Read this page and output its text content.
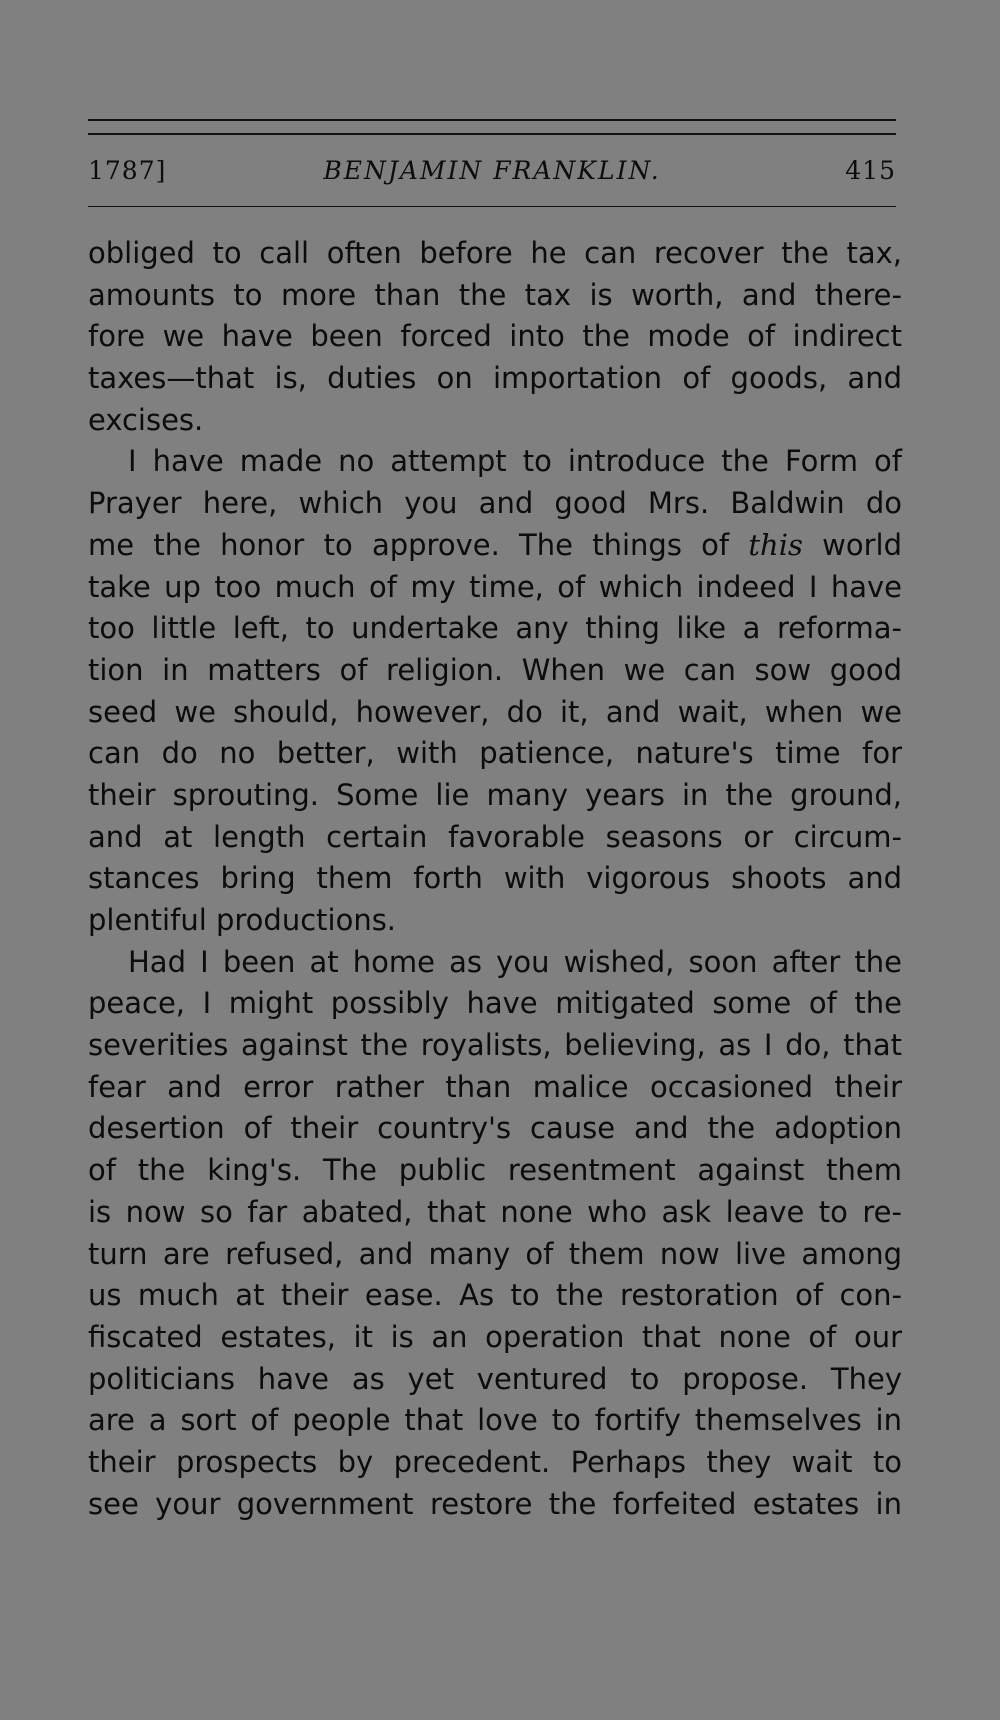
1787]	BENJAMIN FRANKLIN.	415
obliged to call often before he can recover the tax,
amounts to more than the tax is worth, and there-
fore we have been forced into the mode of indirect
taxes—that is, duties on importation of goods, and
excises.
I have made no attempt to introduce the Form of
Prayer here, which you and good Mrs. Baldwin do
me the honor to approve. The things of this world
take up too much of my time, of which indeed I have
too little left, to undertake any thing like a reforma-
tion in matters of religion. When we can sow good
seed we should, however, do it, and wait, when we
can do no better, with patience, nature's time for
their sprouting. Some lie many years in the ground,
and at length certain favorable seasons or circum-
stances bring them forth with vigorous shoots and
plentiful productions.
Had I been at home as you wished, soon after the
peace, I might possibly have mitigated some of the
severities against the royalists, believing, as I do, that
fear and error rather than malice occasioned their
desertion of their country's cause and the adoption
of the king's. The public resentment against them
is now so far abated, that none who ask leave to re-
turn are refused, and many of them now live among
us much at their ease. As to the restoration of con-
fiscated estates, it is an operation that none of our
politicians have as yet ventured to propose. They
are a sort of people that love to fortify themselves in
their prospects by precedent. Perhaps they wait to
see your government restore the forfeited estates in
